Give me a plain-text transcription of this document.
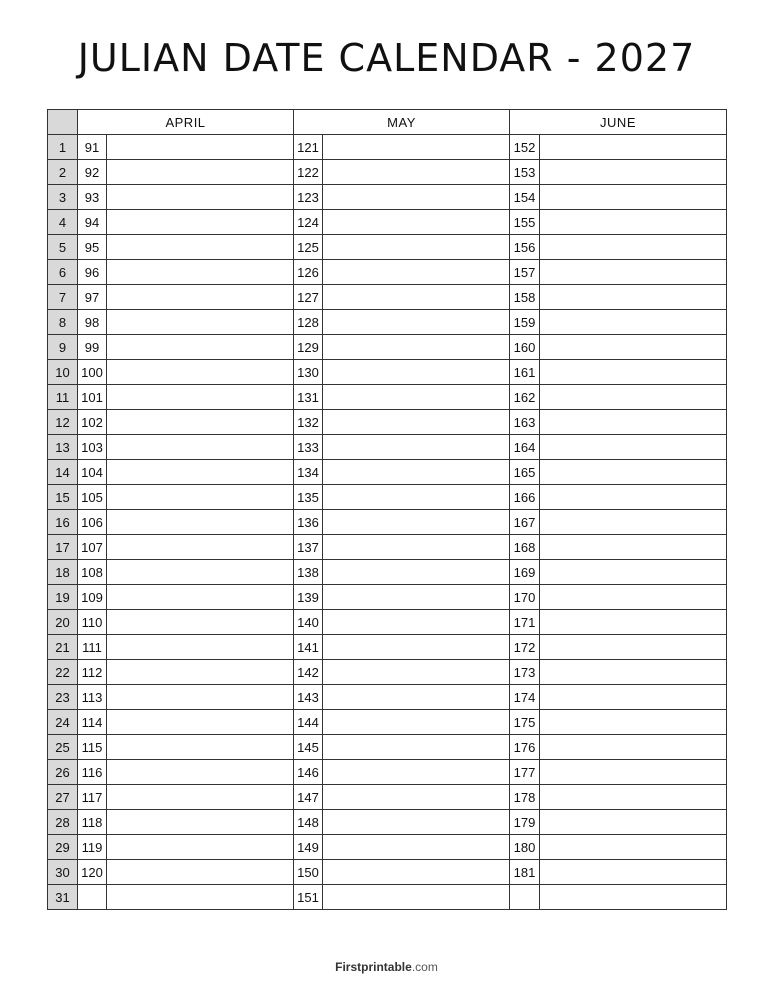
JULIAN DATE CALENDAR - 2027
	APRIL		MAY		JUNE	
1	91		121		152	
2	92		122		153	
3	93		123		154	
4	94		124		155	
5	95		125		156	
6	96		126		157	
7	97		127		158	
8	98		128		159	
9	99		129		160	
10	100		130		161	
11	101		131		162	
12	102		132		163	
13	103		133		164	
14	104		134		165	
15	105		135		166	
16	106		136		167	
17	107		137		168	
18	108		138		169	
19	109		139		170	
20	110		140		171	
21	111		141		172	
22	112		142		173	
23	113		143		174	
24	114		144		175	
25	115		145		176	
26	116		146		177	
27	117		147		178	
28	118		148		179	
29	119		149		180	
30	120		150		181	
31			151			
Firstprintable.com
